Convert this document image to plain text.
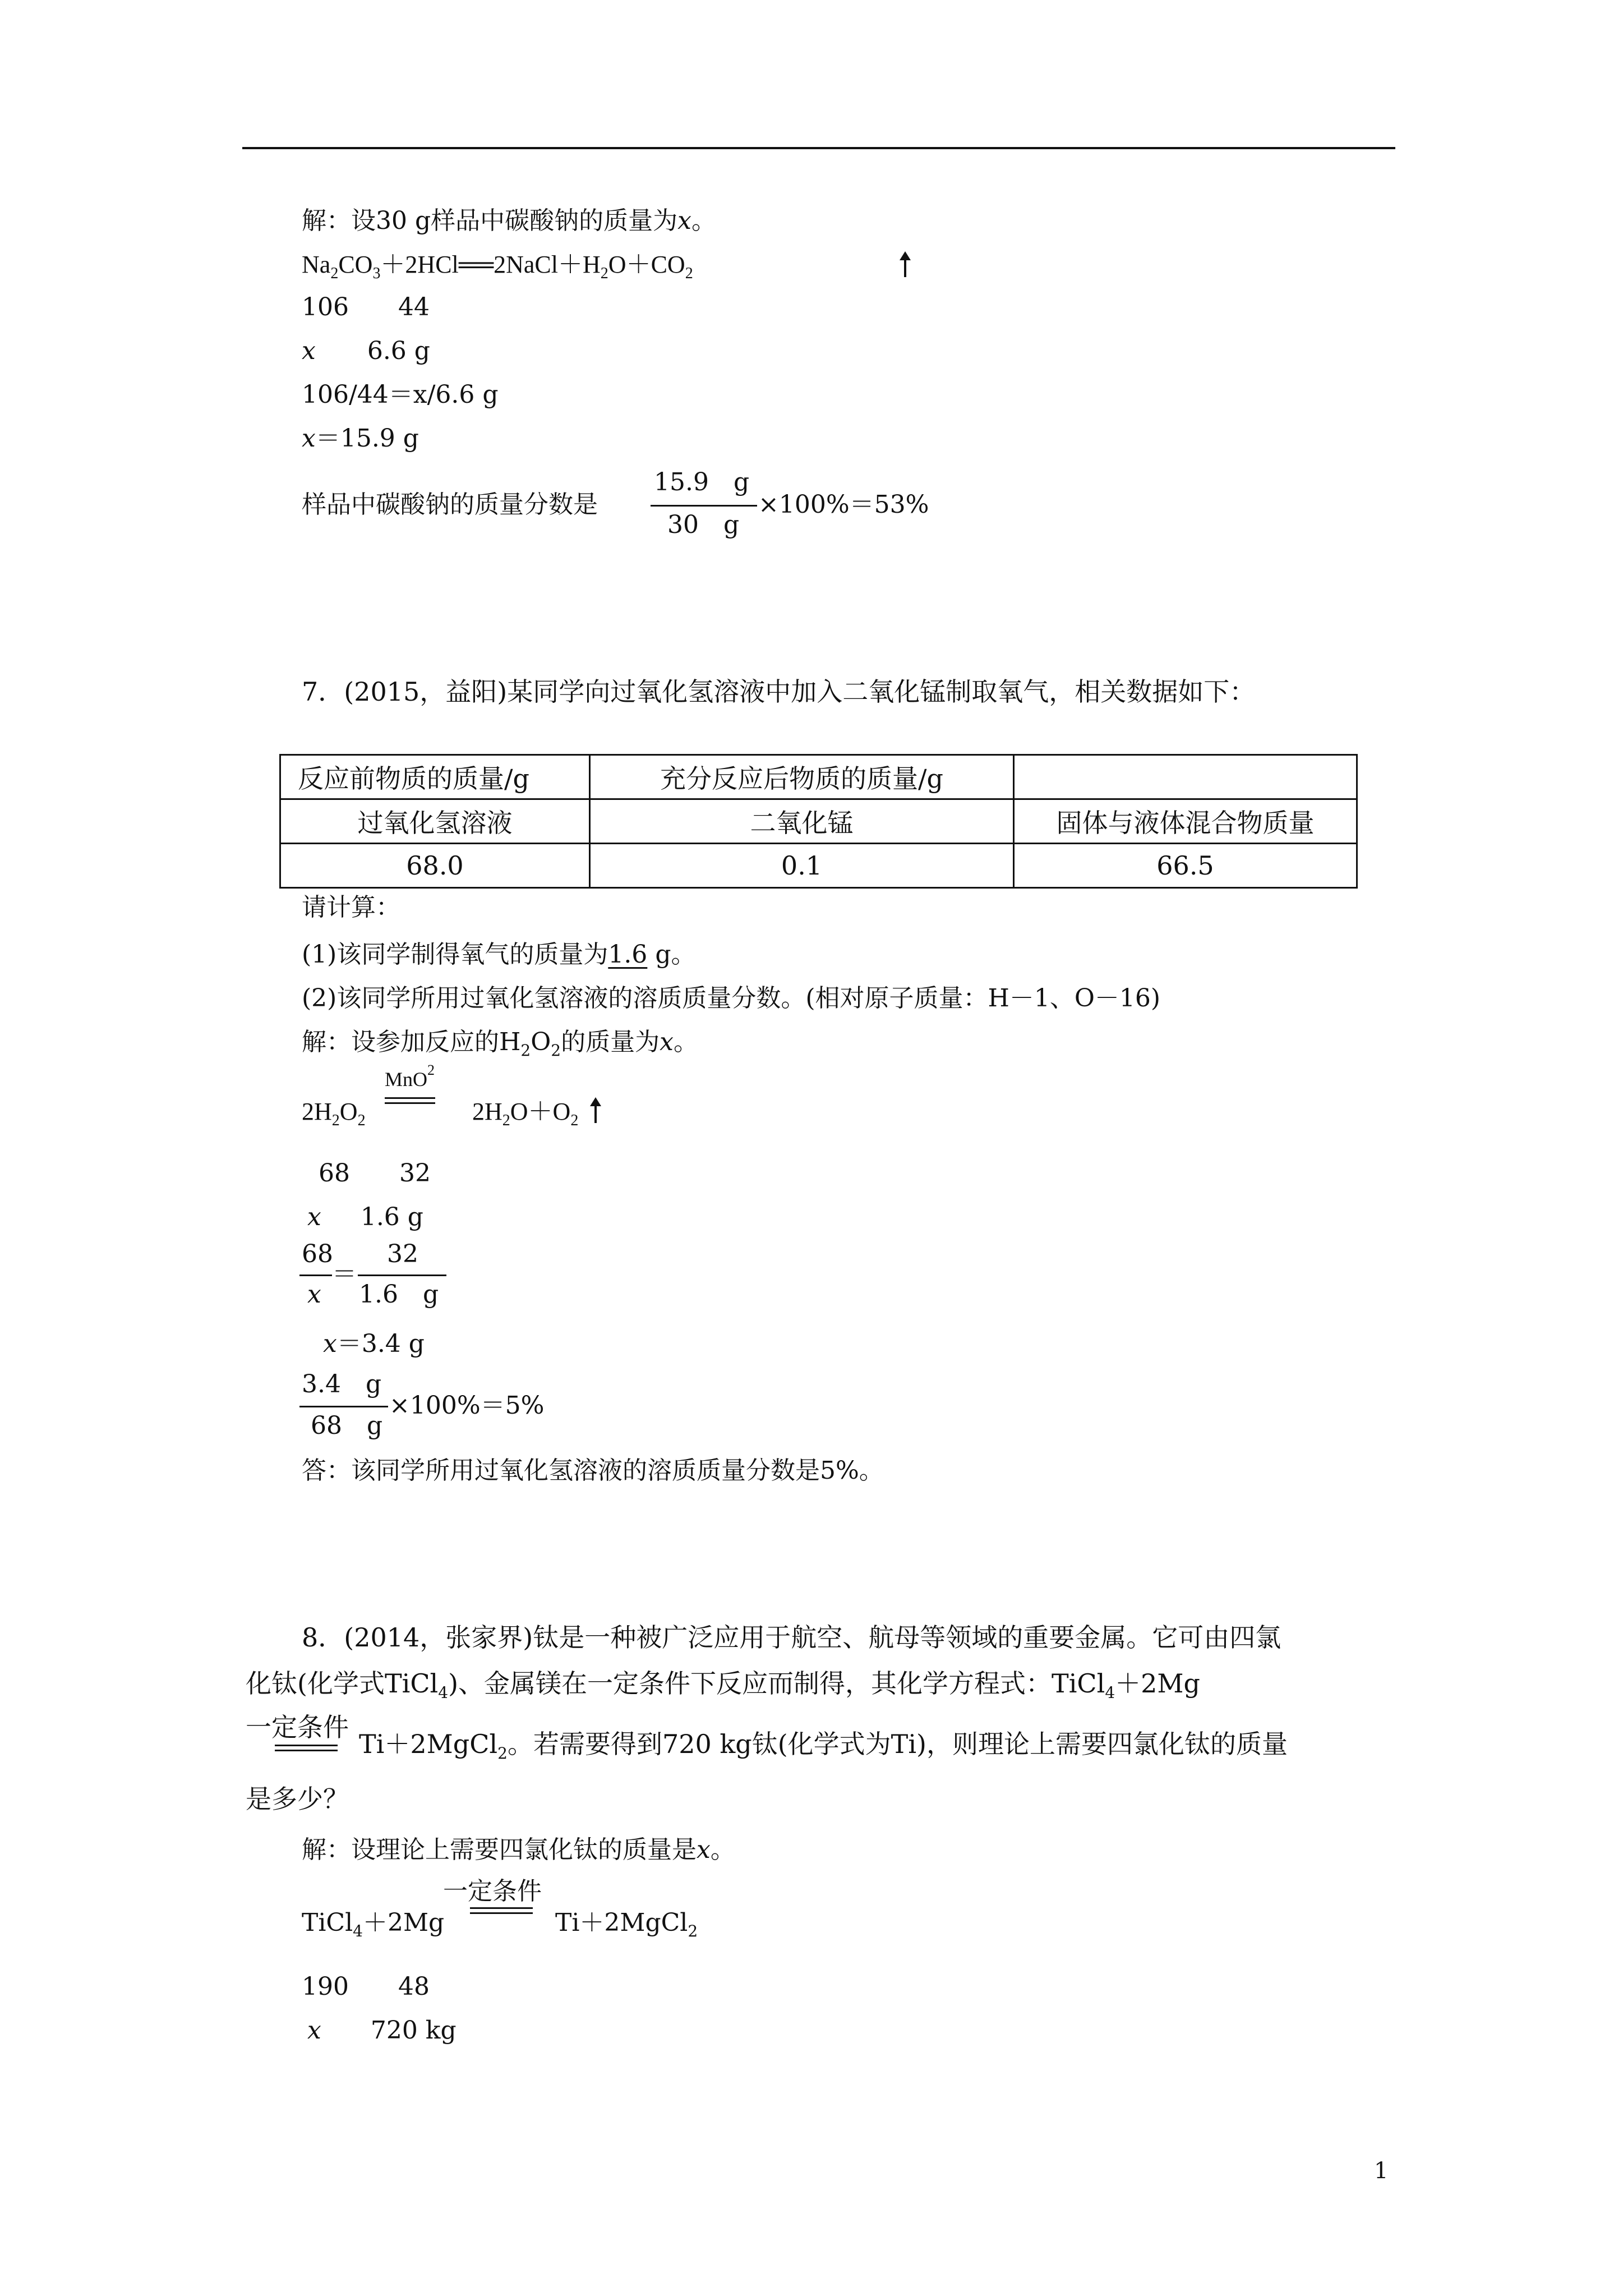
解：设30 g样品中碳酸钠的质量为x。
$Na_2CO_3+2HCl══2NaCl+H_2O+CO_2$
106　　44
x 6.6 g
106/44＝x/6.6 g
x＝15.9 g
样品中碳酸钠的质量分数是
15.9　g
30　g
×100%＝53%
7．(2015，益阳)某同学向过氧化氢溶液中加入二氧化锰制取氧气，相关数据如下：
反应前物质的质量/g	充分反应后物质的质量/g	
过氧化氢溶液	二氧化锰	固体与液体混合物质量
68.0	0.1	66.5
请计算：
(1)该同学制得氧气的质量为1.6 g。
(2)该同学所用过氧化氢溶液的溶质质量分数。(相对原子质量：H－1、O－16)
解：设参加反应的$H_2O_2$的质量为x。
$2H_2O_2$
MnO$^2$
$2H_2O+O_2$
68　　32
x 1.6 g
68
x
＝
32
1.6　g
x＝3.4 g
3.4　g
68　g
×100%＝5%
答：该同学所用过氧化氢溶液的溶质质量分数是5%。
8．(2014，张家界)钛是一种被广泛应用于航空、航母等领域的重要金属。它可由四氯
化钛(化学式TiCl$_4$)、金属镁在一定条件下反应而制得，其化学方程式：TiCl$_4$＋2Mg
一定条件
Ti＋2MgCl$_2$。若需要得到720 kg钛(化学式为Ti)，则理论上需要四氯化钛的质量
是多少？
解：设理论上需要四氯化钛的质量是x。
TiCl$_4$＋2Mg
一定条件
Ti＋2MgCl$_2$
190　　48
x 720 kg
1
